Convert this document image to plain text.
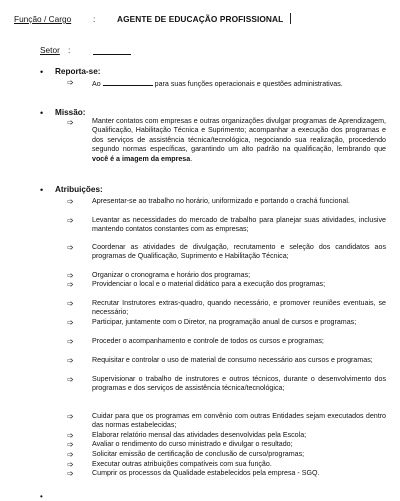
Função / Cargo	:	AGENTE DE EDUCAÇÃO PROFISSIONAL
Setor :
• Reporta-se:
➩	Ao	para suas funções operacionais e questões administrativas.
• Missão:
➩	Manter contatos com empresas e outras organizações divulgar programas de Aprendizagem, Qualificação, Habilitação Técnica e Suprimento; acompanhar a execução dos programas e dos serviços de assistência técnica/tecnológica, negociando sua realização, procedendo segundo normas específicas, garantindo um alto padrão na qualificação, lembrando que você é a imagem da empresa.
• Atribuições:
➩	Apresentar-se ao trabalho no horário, uniformizado e portando o crachá funcional.
➩	Levantar as necessidades do mercado de trabalho para planejar suas atividades, inclusive mantendo contatos constantes com as empresas;
➩	Coordenar as atividades de divulgação, recrutamento e seleção dos candidatos aos programas de Qualificação, Suprimento e Habilitação Técnica;
➩	Organizar o cronograma e horário dos programas;
➩	Providenciar o local e o material didático para a execução dos programas;
➩	Recrutar Instrutores extras-quadro, quando necessário, e promover reuniões eventuais, se necessário;
➩	Participar, juntamente com o Diretor, na programação anual de cursos e programas;
➩	Proceder o acompanhamento e controle de todos os cursos e programas;
➩	Requisitar e controlar o uso de material de consumo necessário aos cursos e programas;
➩	Supervisionar o trabalho de instrutores e outros técnicos, durante o desenvolvimento dos programas e dos serviços de assistência técnica/tecnológica;
➩	Cuidar para que os programas em convênio com outras Entidades sejam executados dentro das normas estabelecidas;
➩	Elaborar relatório mensal das atividades desenvolvidas pela Escola;
➩	Avaliar o rendimento do curso ministrado e divulgar o resultado;
➩	Solicitar emissão de certificação de conclusão de curso/programas;
➩	Executar outras atribuições compatíveis com sua função.
➩	Cumprir os processos da Qualidade estabelecidos pela empresa - SGQ.
•
